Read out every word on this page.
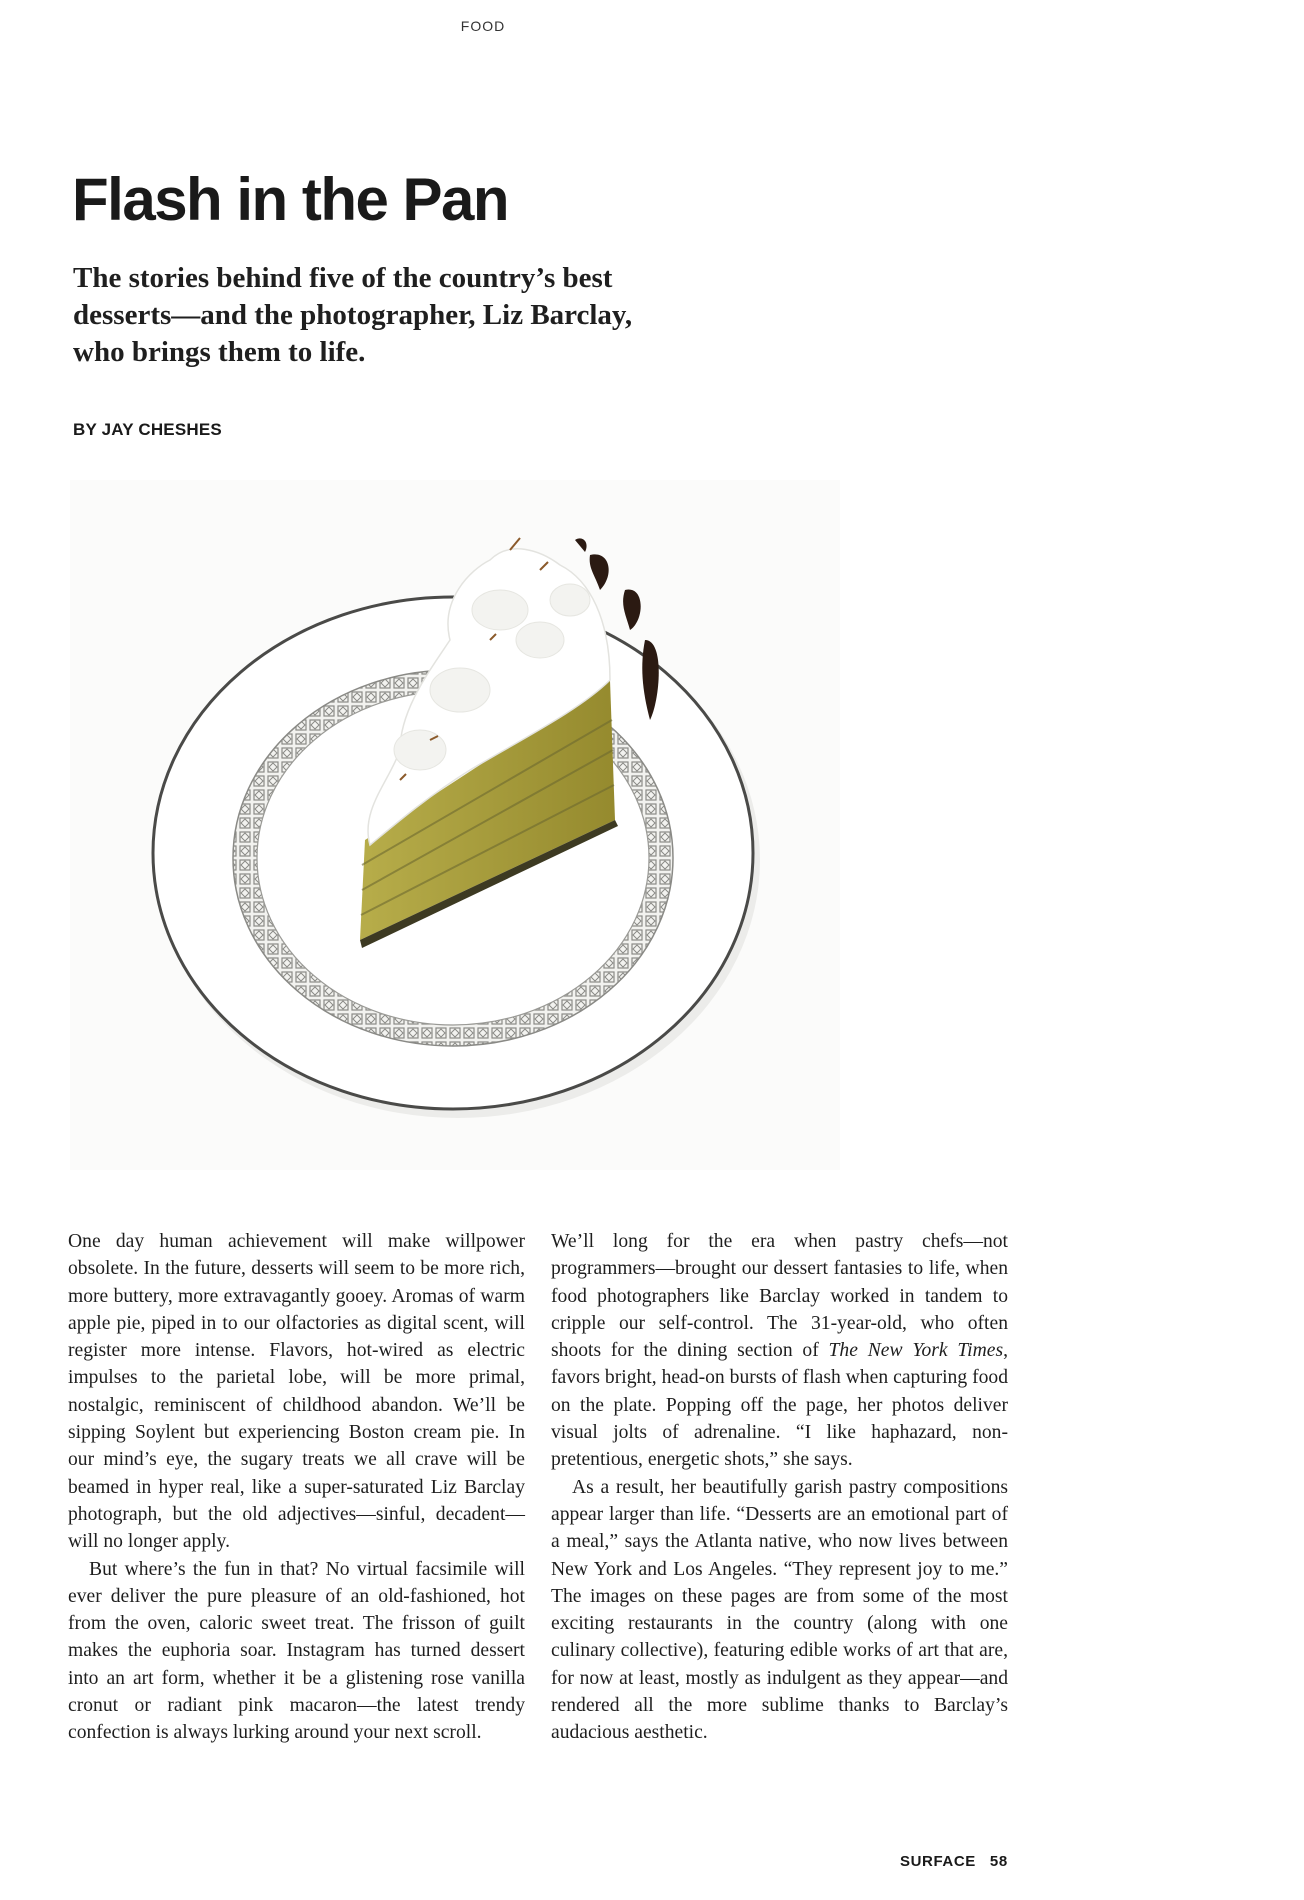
FOOD
Flash in the Pan

The stories behind five of the country’s best desserts—and the photographer, Liz Barclay, who brings them to life.

BY JAY CHESHES

One day human achievement will make willpower obsolete. In the future, desserts will seem to be more rich, more buttery, more extravagantly gooey. Aromas of warm apple pie, piped in to our olfactories as digital scent, will register more intense. Flavors, hot-wired as electric impulses to the parietal lobe, will be more primal, nostalgic, reminiscent of childhood abandon. We’ll be sipping Soylent but experiencing Boston cream pie. In our mind’s eye, the sugary treats we all crave will be beamed in hyper real, like a super-saturated Liz Barclay photograph, but the old adjectives—sinful, decadent—will no longer apply.

But where’s the fun in that? No virtual facsimile will ever deliver the pure pleasure of an old-fashioned, hot from the oven, caloric sweet treat. The frisson of guilt makes the euphoria soar. Instagram has turned dessert into an art form, whether it be a glistening rose vanilla cronut or radiant pink macaron—the latest trendy confection is always lurking around your next scroll.

We’ll long for the era when pastry chefs—not programmers—brought our dessert fantasies to life, when food photographers like Barclay worked in tandem to cripple our self-control. The 31-year-old, who often shoots for the dining section of The New York Times, favors bright, head-on bursts of flash when capturing food on the plate. Popping off the page, her photos deliver visual jolts of adrenaline. “I like haphazard, non-pretentious, energetic shots,” she says.

As a result, her beautifully garish pastry compositions appear larger than life. “Desserts are an emotional part of a meal,” says the Atlanta native, who now lives between New York and Los Angeles. “They represent joy to me.” The images on these pages are from some of the most exciting restaurants in the country (along with one culinary collective), featuring edible works of art that are, for now at least, mostly as indulgent as they appear—and rendered all the more sublime thanks to Barclay’s audacious aesthetic.

SURFACE 58
